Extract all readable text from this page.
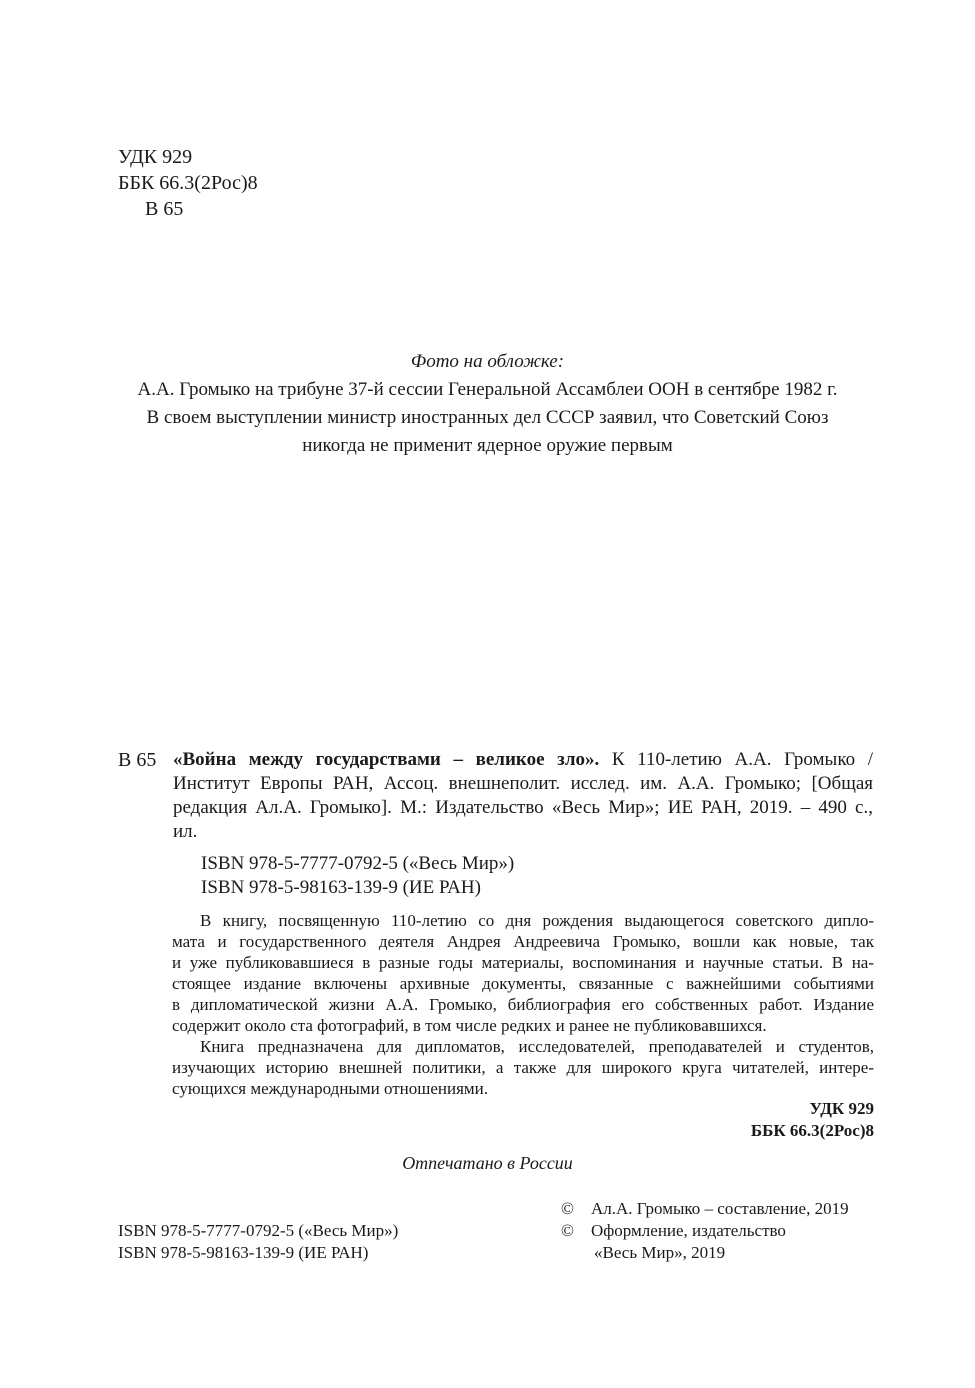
УДК 929
ББК 66.3(2Рос)8
В 65
Фото на обложке:
А.А. Громыко на трибуне 37-й сессии Генеральной Ассамблеи ООН в сентябре 1982 г.
В своем выступлении министр иностранных дел СССР заявил, что Советский Союз
никогда не применит ядерное оружие первым
В 65 «Война между государствами – великое зло». К 110-летию А.А. Громыко /
Институт Европы РАН, Ассоц. внешнеполит. исслед. им. А.А. Громыко; [Общая
редакция Ал.А. Громыко]. М.: Издательство «Весь Мир»; ИЕ РАН, 2019. – 490 с.,
ил.
ISBN 978-5-7777-0792-5 («Весь Мир»)
ISBN 978-5-98163-139-9 (ИЕ РАН)
В книгу, посвященную 110-летию со дня рождения выдающегося советского дипло-
мата и государственного деятеля Андрея Андреевича Громыко, вошли как новые, так
и уже публиковавшиеся в разные годы материалы, воспоминания и научные статьи. В на-
стоящее издание включены архивные документы, связанные с важнейшими событиями
в дипломатической жизни А.А. Громыко, библиография его собственных работ. Издание
содержит около ста фотографий, в том числе редких и ранее не публиковавшихся.
Книга предназначена для дипломатов, исследователей, преподавателей и студентов,
изучающих историю внешней политики, а также для широкого круга читателей, интере-
сующихся международными отношениями.
УДК 929
ББК 66.3(2Рос)8
Отпечатано в России
ISBN 978-5-7777-0792-5 («Весь Мир»)
ISBN 978-5-98163-139-9 (ИЕ РАН)
© Ал.А. Громыко – составление, 2019
© Оформление, издательство
«Весь Мир», 2019
